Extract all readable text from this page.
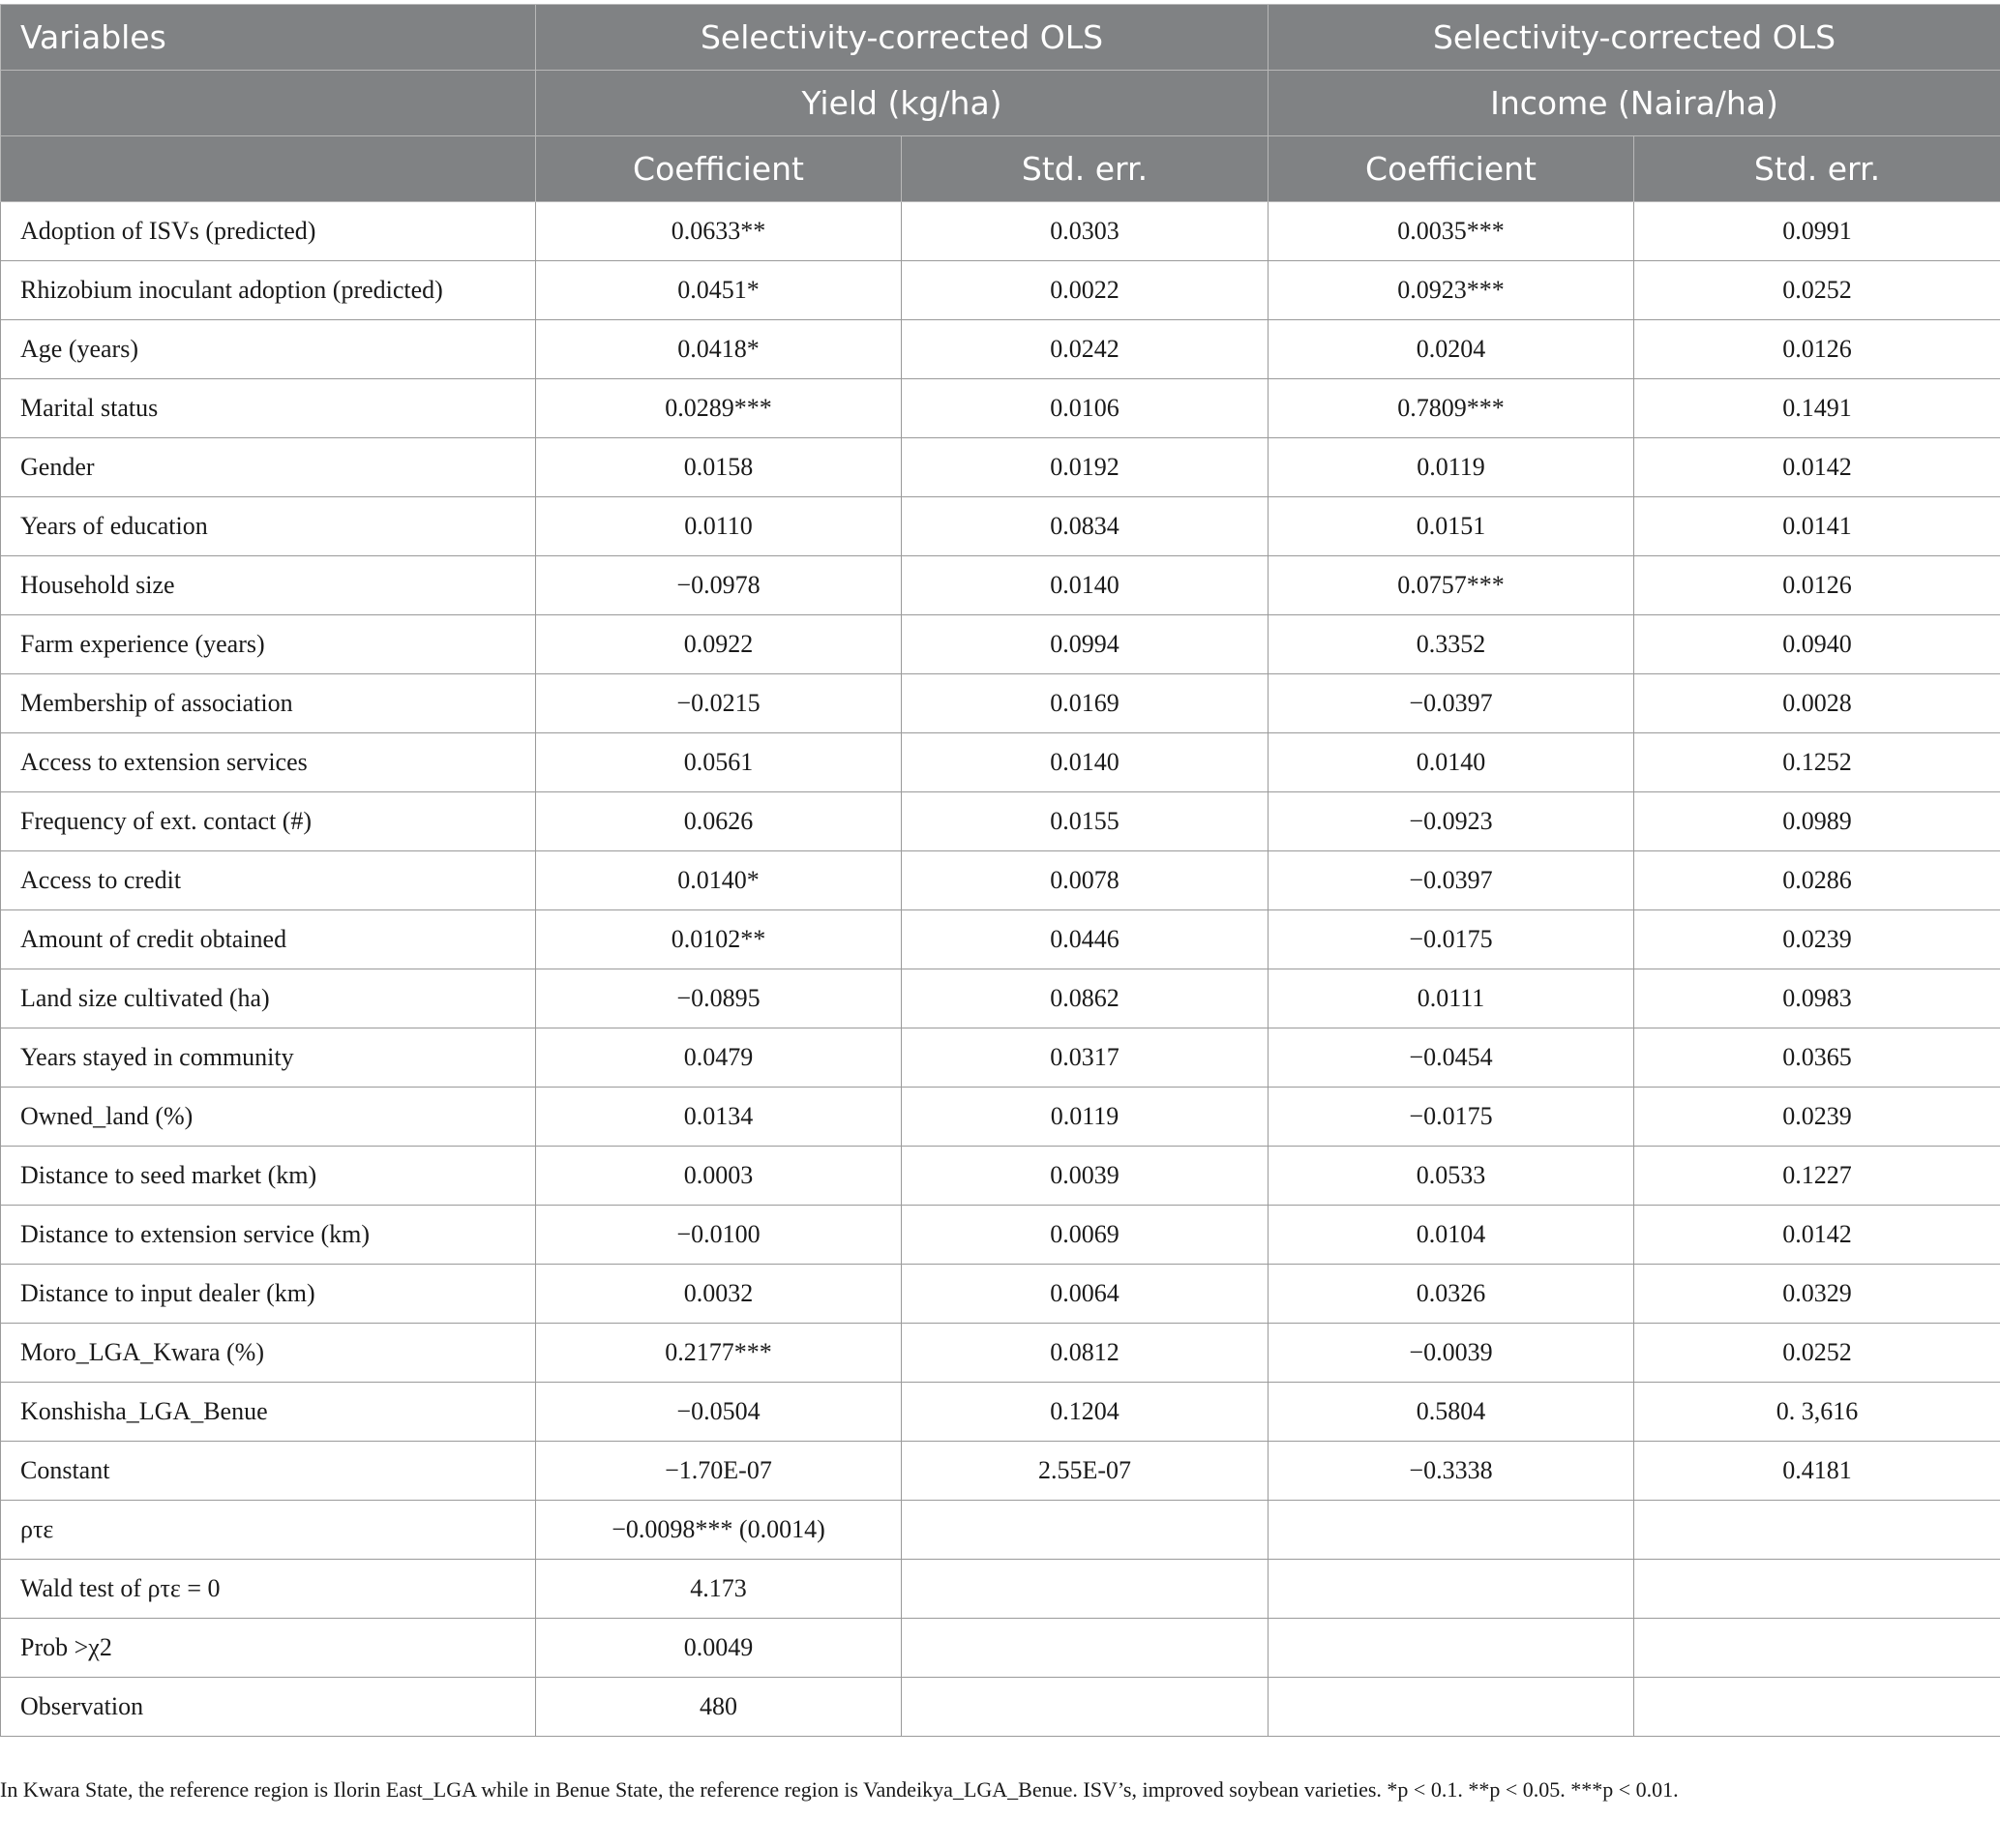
Variables	Selectivity-corrected OLS		Selectivity-corrected OLS	
	Yield (kg/ha)		Income (Naira/ha)	
	Coefficient	Std. err.	Coefficient	Std. err.
Adoption of ISVs (predicted)	0.0633**	0.0303	0.0035***	0.0991
Rhizobium inoculant adoption (predicted)	0.0451*	0.0022	0.0923***	0.0252
Age (years)	0.0418*	0.0242	0.0204	0.0126
Marital status	0.0289***	0.0106	0.7809***	0.1491
Gender	0.0158	0.0192	0.0119	0.0142
Years of education	0.0110	0.0834	0.0151	0.0141
Household size	−0.0978	0.0140	0.0757***	0.0126
Farm experience (years)	0.0922	0.0994	0.3352	0.0940
Membership of association	−0.0215	0.0169	−0.0397	0.0028
Access to extension services	0.0561	0.0140	0.0140	0.1252
Frequency of ext. contact (#)	0.0626	0.0155	−0.0923	0.0989
Access to credit	0.0140*	0.0078	−0.0397	0.0286
Amount of credit obtained	0.0102**	0.0446	−0.0175	0.0239
Land size cultivated (ha)	−0.0895	0.0862	0.0111	0.0983
Years stayed in community	0.0479	0.0317	−0.0454	0.0365
Owned_land (%)	0.0134	0.0119	−0.0175	0.0239
Distance to seed market (km)	0.0003	0.0039	0.0533	0.1227
Distance to extension service (km)	−0.0100	0.0069	0.0104	0.0142
Distance to input dealer (km)	0.0032	0.0064	0.0326	0.0329
Moro_LGA_Kwara (%)	0.2177***	0.0812	−0.0039	0.0252
Konshisha_LGA_Benue	−0.0504	0.1204	0.5804	0. 3,616
Constant	−1.70E-07	2.55E-07	−0.3338	0.4181
ρτε	−0.0098*** (0.0014)			
Wald test of ρτε = 0	4.173			
Prob >χ2	0.0049			
Observation	480			
In Kwara State, the reference region is Ilorin East_LGA while in Benue State, the reference region is Vandeikya_LGA_Benue. ISV’s, improved soybean varieties. *p < 0.1. **p < 0.05. ***p < 0.01.
